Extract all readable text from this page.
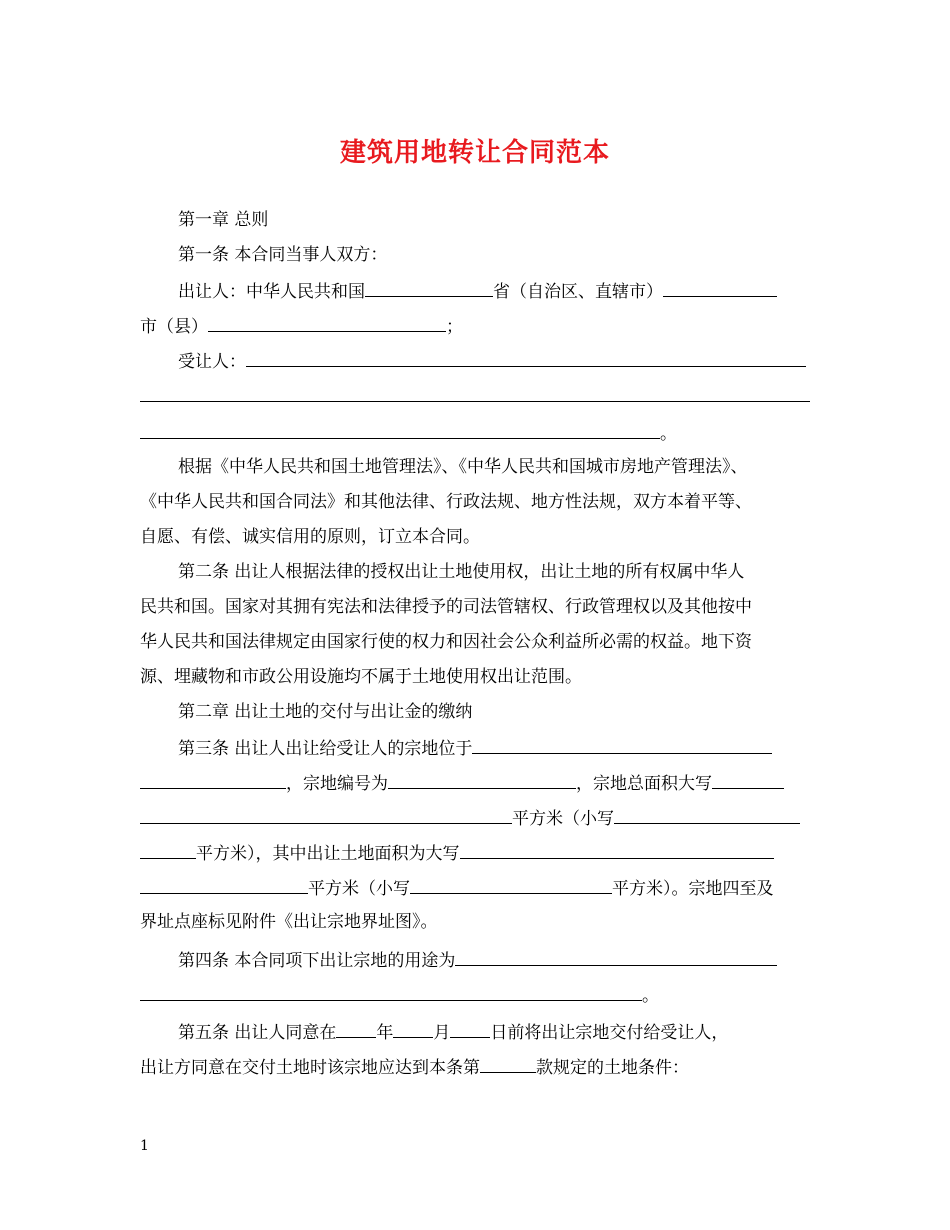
建筑用地转让合同范本
第一章 总则
第一条 本合同当事人双方：
出让人：中华人民共和国	省（自治区、直辖市）
市（县）	；
受让人：
。
根据《中华人民共和国土地管理法》、《中华人民共和国城市房地产管理法》、
《中华人民共和国合同法》和其他法律、行政法规、地方性法规，双方本着平等、
自愿、有偿、诚实信用的原则，订立本合同。
第二条 出让人根据法律的授权出让土地使用权，出让土地的所有权属中华人
民共和国。国家对其拥有宪法和法律授予的司法管辖权、行政管理权以及其他按中
华人民共和国法律规定由国家行使的权力和因社会公众利益所必需的权益。地下资
源、埋藏物和市政公用设施均不属于土地使用权出让范围。
第二章 出让土地的交付与出让金的缴纳
第三条 出让人出让给受让人的宗地位于
，宗地编号为	，宗地总面积大写
平方米（小写
平方米），其中出让土地面积为大写
平方米（小写	平方米）。宗地四至及
界址点座标见附件《出让宗地界址图》。
第四条 本合同项下出让宗地的用途为
。
第五条 出让人同意在 年 月 日前将出让宗地交付给受让人，
出让方同意在交付土地时该宗地应达到本条第	款规定的土地条件：
1
